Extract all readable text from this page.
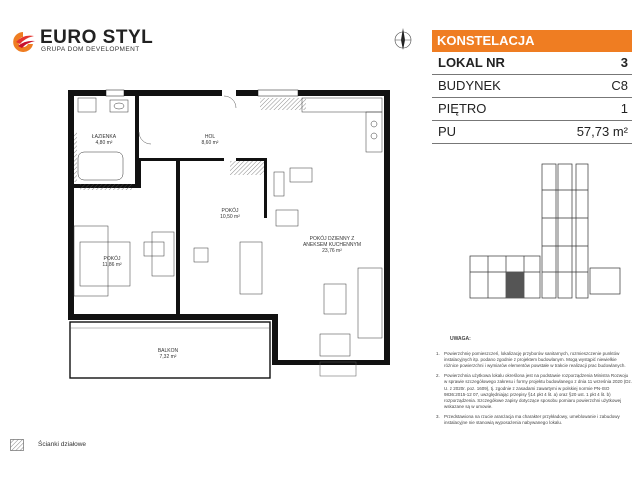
EURO STYL
GRUPA DOM DEVELOPMENT
KONSTELACJA
LOKAL NR	3
BUDYNEK	C8
PIĘTRO	1
PU	57,73 m²
ŁAZIENKA
4,80 m²
HOL
8,60 m²
POKÓJ
10,50 m²
POKÓJ
11,86 m²
POKÓJ DZIENNY Z ANEKSEM KUCHENNYM
23,76 m²
BALKON
7,32 m²
UWAGA:
1. Powierzchnię pomieszczeń, lokalizację przyborów sanitarnych, rozmieszczenie punktów instalacyjnych itp. podano zgodnie z projektem budowlanym. Mogą wystąpić niewielkie różnice powierzchni i wymiarów elementów powstałe w trakcie realizacji prac budowlanych.
2. Powierzchnia użytkowa lokalu określona jest na podstawie rozporządzenia Ministra Rozwoju w sprawie szczegółowego zakresu i formy projektu budowlanego z dnia 11 września 2020 (Dz. U. z 2020r. poz. 1609), tj. zgodnie z zasadami zawartymi w polskiej normie PN-ISO 9836:2015-12 07, uwzględniając przepisy §14 pkt 4 lit. a) oraz §20 ust. 1 pkt 4 lit. b) rozporządzenia. Szczegółowe zapisy dotyczące sposobu pomiaru powierzchni użytkowej wskazane są w umowie.
3. Przedstawiona na rzucie aranżacja ma charakter przykładowy, umeblowanie i zabudowy instalacyjne nie stanowią wyposażenia nabywanego lokalu.
Ścianki działowe
